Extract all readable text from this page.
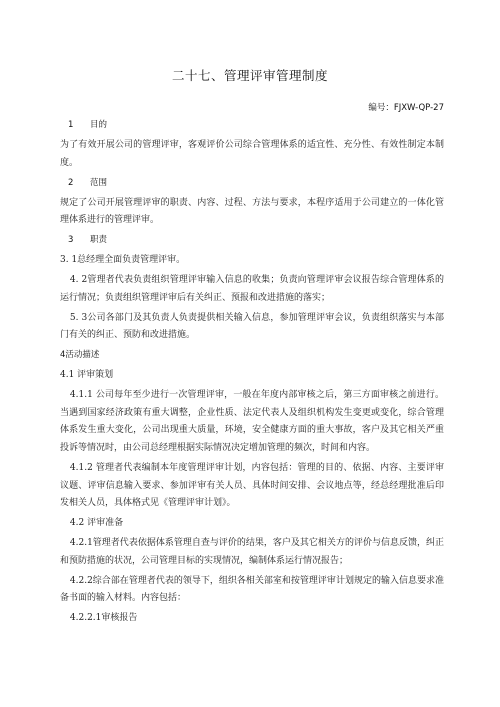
二十七、管理评审管理制度
编号：FJXW-QP-27

1 目的

为了有效开展公司的管理评审，客观评价公司综合管理体系的适宜性、充分性、有效性制定本制度。

2 范围

规定了公司开展管理评审的职责、内容、过程、方法与要求，本程序适用于公司建立的一体化管理体系进行的管理评审。

3 职责

3. 1总经理全面负责管理评审。

4. 2管理者代表负责组织管理评审输入信息的收集；负责向管理评审会议报告综合管理体系的运行情况；负责组织管理评审后有关纠正、预报和改进措施的落实；

5. 3公司各部门及其负责人负责提供相关输入信息，参加管理评审会议，负责组织落实与本部门有关的纠正、预防和改进措施。

4活动描述

4.1 评审策划

4.1.1 公司每年至少进行一次管理评审，一般在年度内部审核之后，第三方面审核之前进行。当遇到国家经济政策有重大调整，企业性质、法定代表人及组织机构发生变更或变化，综合管理体系发生重大变化，公司出现重大质量，环境，安全健康方面的重大事故，客户及其它相关严重投诉等情况时，由公司总经理根据实际情况决定增加管理的频次，时间和内容。

4.1.2 管理者代表编制本年度管理评审计划，内容包括：管理的目的、依据、内容、主要评审议题、评审信息输入要求、参加评审有关人员、具体时间安排、会议地点等，经总经理批准后印发相关人员，具体格式见《管理评审计划》。

4.2 评审准备

4.2.1管理者代表依据体系管理自查与评价的结果，客户及其它相关方的评价与信息反馈，纠正和预防措施的状况，公司管理目标的实现情况，编制体系运行情况报告；

4.2.2综合部在管理者代表的领导下，组织各相关部室和按管理评审计划规定的输入信息要求准备书面的输入材料。内容包括：

4.2.2.1审核报告
